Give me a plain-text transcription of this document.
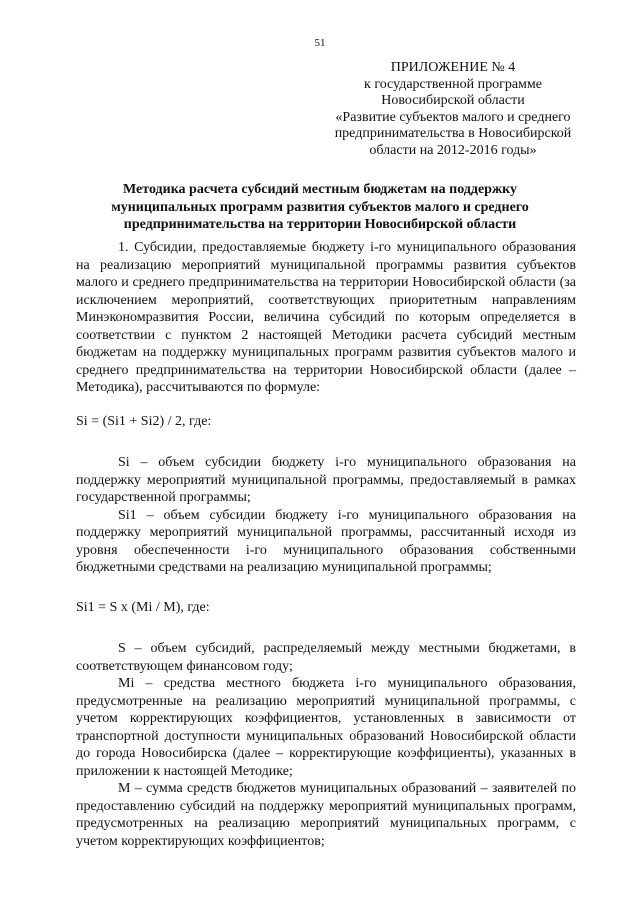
51
ПРИЛОЖЕНИЕ № 4
к государственной программе
Новосибирской области
«Развитие субъектов малого и среднего
предпринимательства в Новосибирской
области на 2012-2016 годы»
Методика расчета субсидий местным бюджетам на поддержку
муниципальных программ развития субъектов малого и среднего
предпринимательства на территории Новосибирской области

1. Субсидии, предоставляемые бюджету i-го муниципального образования на реализацию мероприятий муниципальной программы развития субъектов малого и среднего предпринимательства на территории Новосибирской области (за исключением мероприятий, соответствующих приоритетным направлениям Минэкономразвития России, величина субсидий по которым определяется в соответствии с пунктом 2 настоящей Методики расчета субсидий местным бюджетам на поддержку муниципальных программ развития субъектов малого и среднего предпринимательства на территории Новосибирской области (далее – Методика), рассчитываются по формуле:

Si = (Si1 + Si2) / 2, где:

Si – объем субсидии бюджету i-го муниципального образования на поддержку мероприятий муниципальной программы, предоставляемый в рамках государственной программы;

Si1 – объем субсидии бюджету i-го муниципального образования на поддержку мероприятий муниципальной программы, рассчитанный исходя из уровня обеспеченности i-го муниципального образования собственными бюджетными средствами на реализацию муниципальной программы;

Si1 = S x (Mi / M), где:

S – объем субсидий, распределяемый между местными бюджетами, в соответствующем финансовом году;

Mi – средства местного бюджета i-го муниципального образования, предусмотренные на реализацию мероприятий муниципальной программы, с учетом корректирующих коэффициентов, установленных в зависимости от транспортной доступности муниципальных образований Новосибирской области до города Новосибирска (далее – корректирующие коэффициенты), указанных в приложении к настоящей Методике;

M – сумма средств бюджетов муниципальных образований – заявителей по предоставлению субсидий на поддержку мероприятий муниципальных программ, предусмотренных на реализацию мероприятий муниципальных программ, с учетом корректирующих коэффициентов;
